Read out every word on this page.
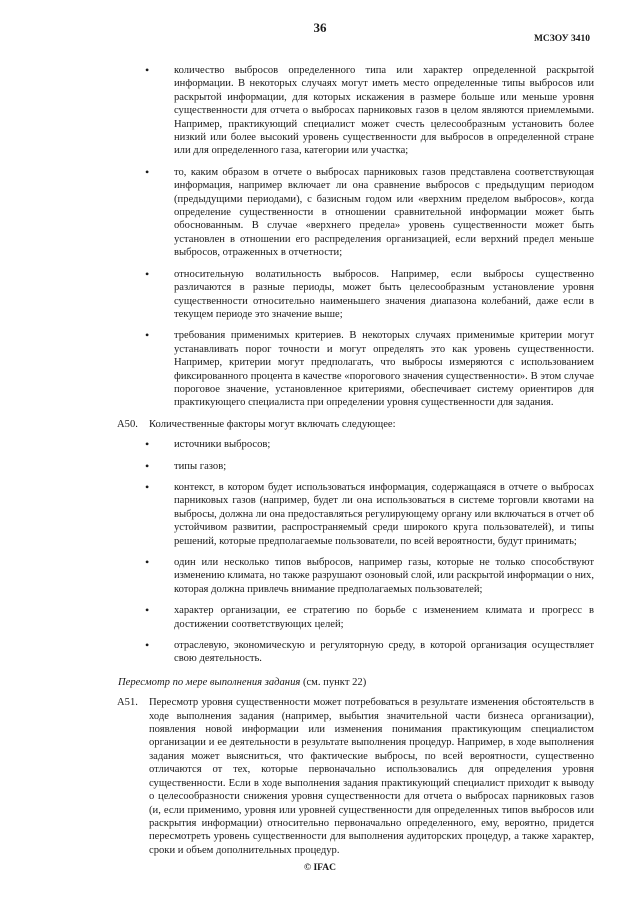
36
МСЗОУ 3410
• количество выбросов определенного типа или характер определенной раскрытой информации. В некоторых случаях могут иметь место определенные типы выбросов или раскрытой информации, для которых искажения в размере больше или меньше уровня существенности для отчета о выбросах парниковых газов в целом являются приемлемыми. Например, практикующий специалист может счесть целесообразным установить более низкий или более высокий уровень существенности для выбросов в определенной стране или для определенного газа, категории или участка;
• то, каким образом в отчете о выбросах парниковых газов представлена соответствующая информация, например включает ли она сравнение выбросов с предыдущим периодом (предыдущими периодами), с базисным годом или «верхним пределом выбросов», когда определение существенности в отношении сравнительной информации может быть обоснованным. В случае «верхнего предела» уровень существенности может быть установлен в отношении его распределения организацией, если верхний предел меньше выбросов, отраженных в отчетности;
• относительную волатильность выбросов. Например, если выбросы существенно различаются в разные периоды, может быть целесообразным установление уровня существенности относительно наименьшего значения диапазона колебаний, даже если в текущем периоде это значение выше;
• требования применимых критериев. В некоторых случаях применимые критерии могут устанавливать порог точности и могут определять это как уровень существенности. Например, критерии могут предполагать, что выбросы измеряются с использованием фиксированного процента в качестве «порогового значения существенности». В этом случае пороговое значение, установленное критериями, обеспечивает систему ориентиров для практикующего специалиста при определении уровня существенности для задания.
A50. Количественные факторы могут включать следующее:
• источники выбросов;
• типы газов;
• контекст, в котором будет использоваться информация, содержащаяся в отчете о выбросах парниковых газов (например, будет ли она использоваться в системе торговли квотами на выбросы, должна ли она предоставляться регулирующему органу или включаться в отчет об устойчивом развитии, распространяемый среди широкого круга пользователей), и типы решений, которые предполагаемые пользователи, по всей вероятности, будут принимать;
• один или несколько типов выбросов, например газы, которые не только способствуют изменению климата, но также разрушают озоновый слой, или раскрытой информации о них, которая должна привлечь внимание предполагаемых пользователей;
• характер организации, ее стратегию по борьбе с изменением климата и прогресс в достижении соответствующих целей;
• отраслевую, экономическую и регуляторную среду, в которой организация осуществляет свою деятельность.
Пересмотр по мере выполнения задания (см. пункт 22)
A51. Пересмотр уровня существенности может потребоваться в результате изменения обстоятельств в ходе выполнения задания (например, выбытия значительной части бизнеса организации), появления новой информации или изменения понимания практикующим специалистом организации и ее деятельности в результате выполнения процедур. Например, в ходе выполнения задания может выясниться, что фактические выбросы, по всей вероятности, существенно отличаются от тех, которые первоначально использовались для определения уровня существенности. Если в ходе выполнения задания практикующий специалист приходит к выводу о целесообразности снижения уровня существенности для отчета о выбросах парниковых газов (и, если применимо, уровня или уровней существенности для определенных типов выбросов или раскрытия информации) относительно первоначально определенного, ему, вероятно, придется пересмотреть уровень существенности для выполнения аудиторских процедур, а также характер, сроки и объем дополнительных процедур.
© IFAC
